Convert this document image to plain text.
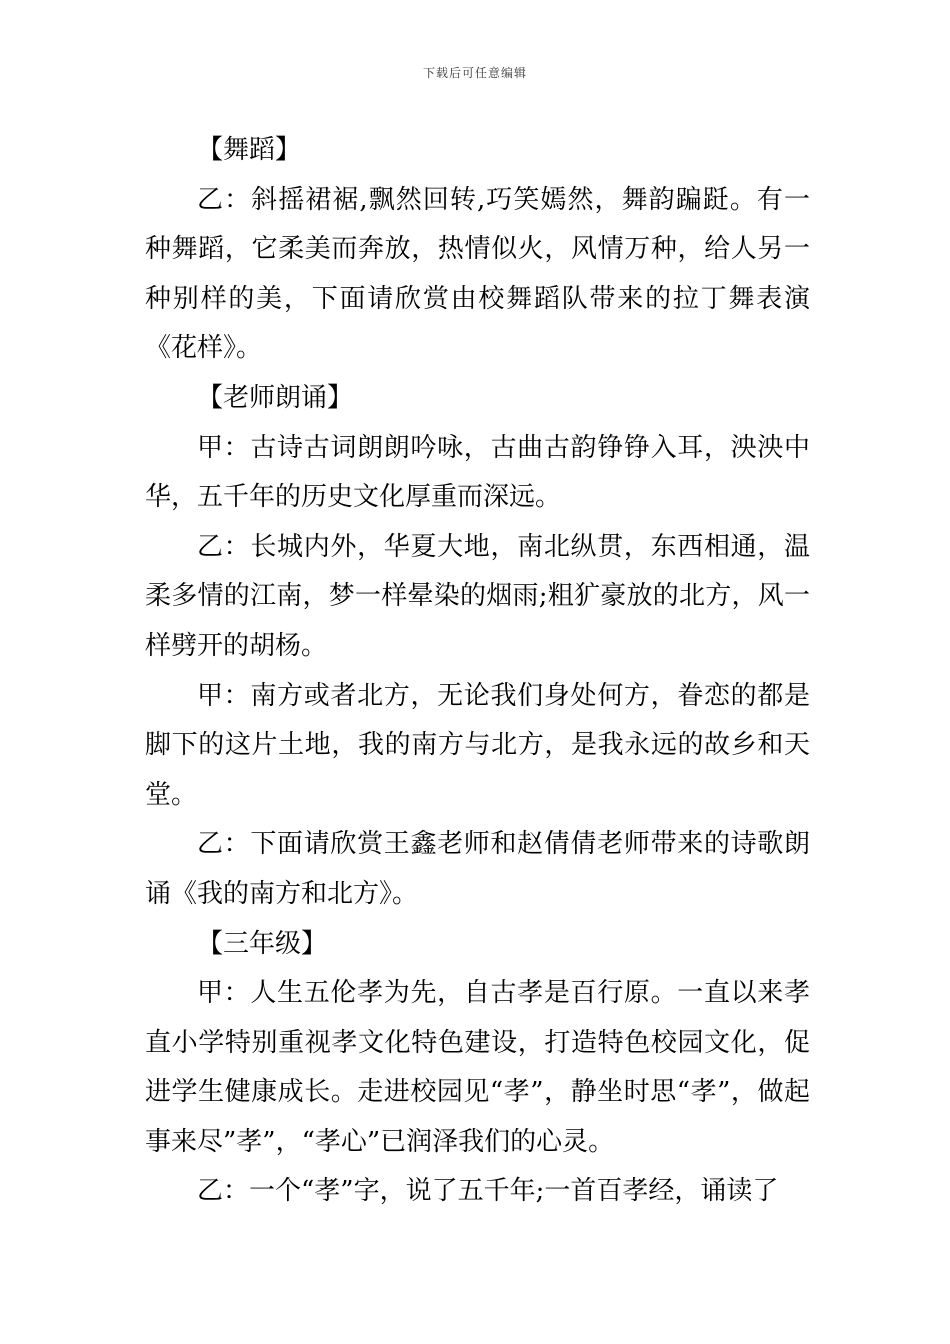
下载后可任意编辑

【舞蹈】

乙：斜摇裙裾,飘然回转,巧笑嫣然，舞韵蹁跹。有一种舞蹈，它柔美而奔放，热情似火，风情万种，给人另一种别样的美，下面请欣赏由校舞蹈队带来的拉丁舞表演《花样》。

【老师朗诵】

甲：古诗古词朗朗吟咏，古曲古韵铮铮入耳，泱泱中华，五千年的历史文化厚重而深远。

乙：长城内外，华夏大地，南北纵贯，东西相通，温柔多情的江南，梦一样晕染的烟雨;粗犷豪放的北方，风一样劈开的胡杨。

甲：南方或者北方，无论我们身处何方，眷恋的都是脚下的这片土地，我的南方与北方，是我永远的故乡和天堂。

乙：下面请欣赏王鑫老师和赵倩倩老师带来的诗歌朗诵《我的南方和北方》。

【三年级】

甲：人生五伦孝为先，自古孝是百行原。一直以来孝直小学特别重视孝文化特色建设，打造特色校园文化，促进学生健康成长。走进校园见“孝”，静坐时思“孝”，做起事来尽”孝”，“孝心”已润泽我们的心灵。

乙：一个“孝”字，说了五千年;一首百孝经，诵读了
